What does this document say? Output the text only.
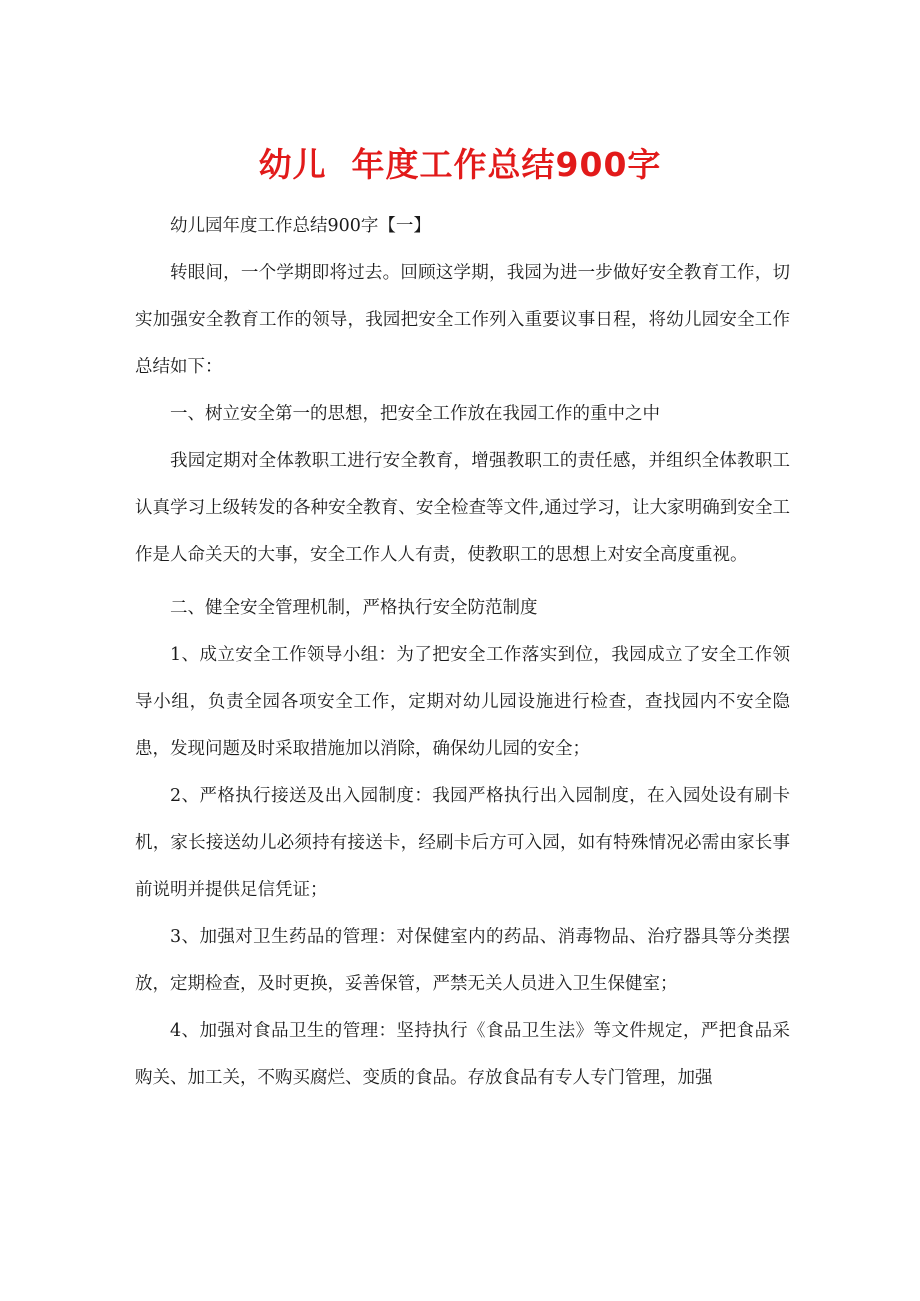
幼儿  年度工作总结900字

幼儿园年度工作总结900字【一】

转眼间，一个学期即将过去。回顾这学期，我园为进一步做好安全教育工作，切实加强安全教育工作的领导，我园把安全工作列入重要议事日程，将幼儿园安全工作总结如下：

一、树立安全第一的思想，把安全工作放在我园工作的重中之中

我园定期对全体教职工进行安全教育，增强教职工的责任感，并组织全体教职工认真学习上级转发的各种安全教育、安全检查等文件,通过学习，让大家明确到安全工作是人命关天的大事，安全工作人人有责，使教职工的思想上对安全高度重视。

二、健全安全管理机制，严格执行安全防范制度

1、成立安全工作领导小组：为了把安全工作落实到位，我园成立了安全工作领导小组，负责全园各项安全工作，定期对幼儿园设施进行检查，查找园内不安全隐患，发现问题及时采取措施加以消除，确保幼儿园的安全；

2、严格执行接送及出入园制度：我园严格执行出入园制度，在入园处设有刷卡机，家长接送幼儿必须持有接送卡，经刷卡后方可入园，如有特殊情况必需由家长事前说明并提供足信凭证；

3、加强对卫生药品的管理：对保健室内的药品、消毒物品、治疗器具等分类摆放，定期检查，及时更换，妥善保管，严禁无关人员进入卫生保健室；

4、加强对食品卫生的管理：坚持执行《食品卫生法》等文件规定，严把食品采购关、加工关，不购买腐烂、变质的食品。存放食品有专人专门管理，加强
